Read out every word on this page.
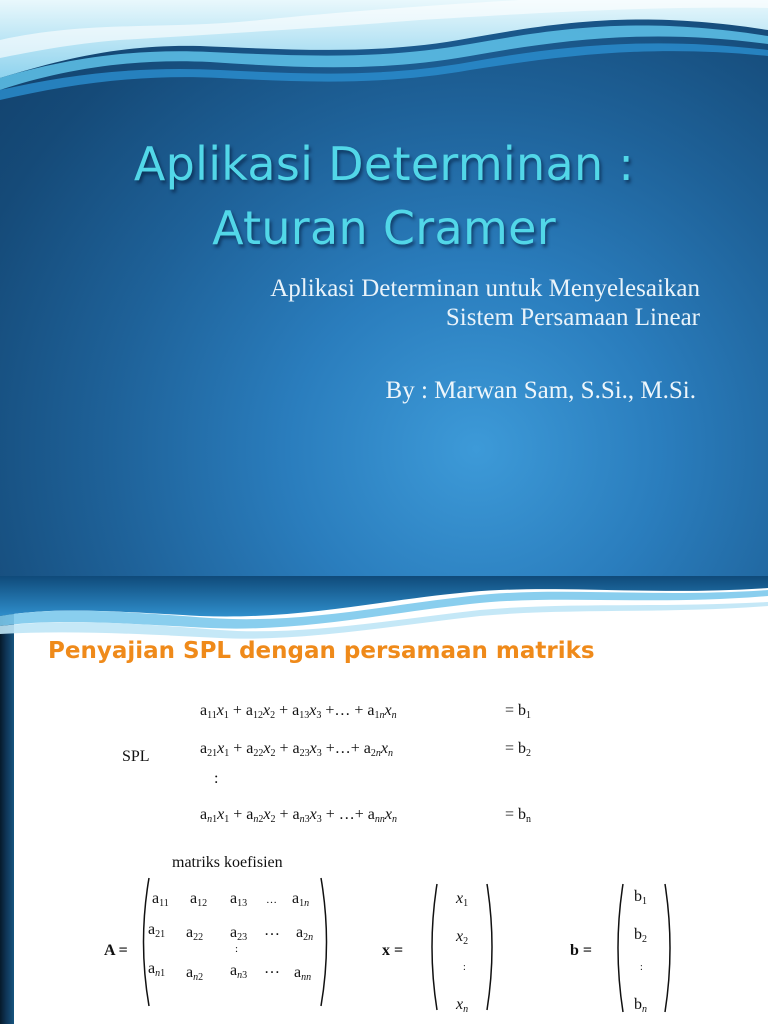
Aplikasi Determinan :
Aturan Cramer
Aplikasi Determinan untuk Menyelesaikan
Sistem Persamaan Linear
By : Marwan Sam, S.Si., M.Si.
Penyajian SPL dengan persamaan matriks
$a_{11}x_1 + a_{12}x_2 + a_{13}x_3$ +… + $a_{1n}x_n$	= $b_1$
$a_{21}x_1 + a_{22}x_2 + a_{23}x_3$ +…+ $a_{2n}x_n$	= $b_2$
SPL
:
$a_{n1}x_1 + a_{n2}x_2 + a_{n3}x_3$ + …+ $a_{nn}x_n$	= $b_n$
matriks koefisien
A =
$a_{11}$ $a_{12}$ $a_{13}$ … $a_{1n}$
$a_{21}$ $a_{22}$ $a_{23}$ … $a_{2n}$
:
$a_{n1}$ $a_{n2}$ $a_{n3}$ … $a_{nn}$
x =
$x_1$
$x_2$
:
$x_n$
b =
$b_1$
$b_2$
:
$b_n$
